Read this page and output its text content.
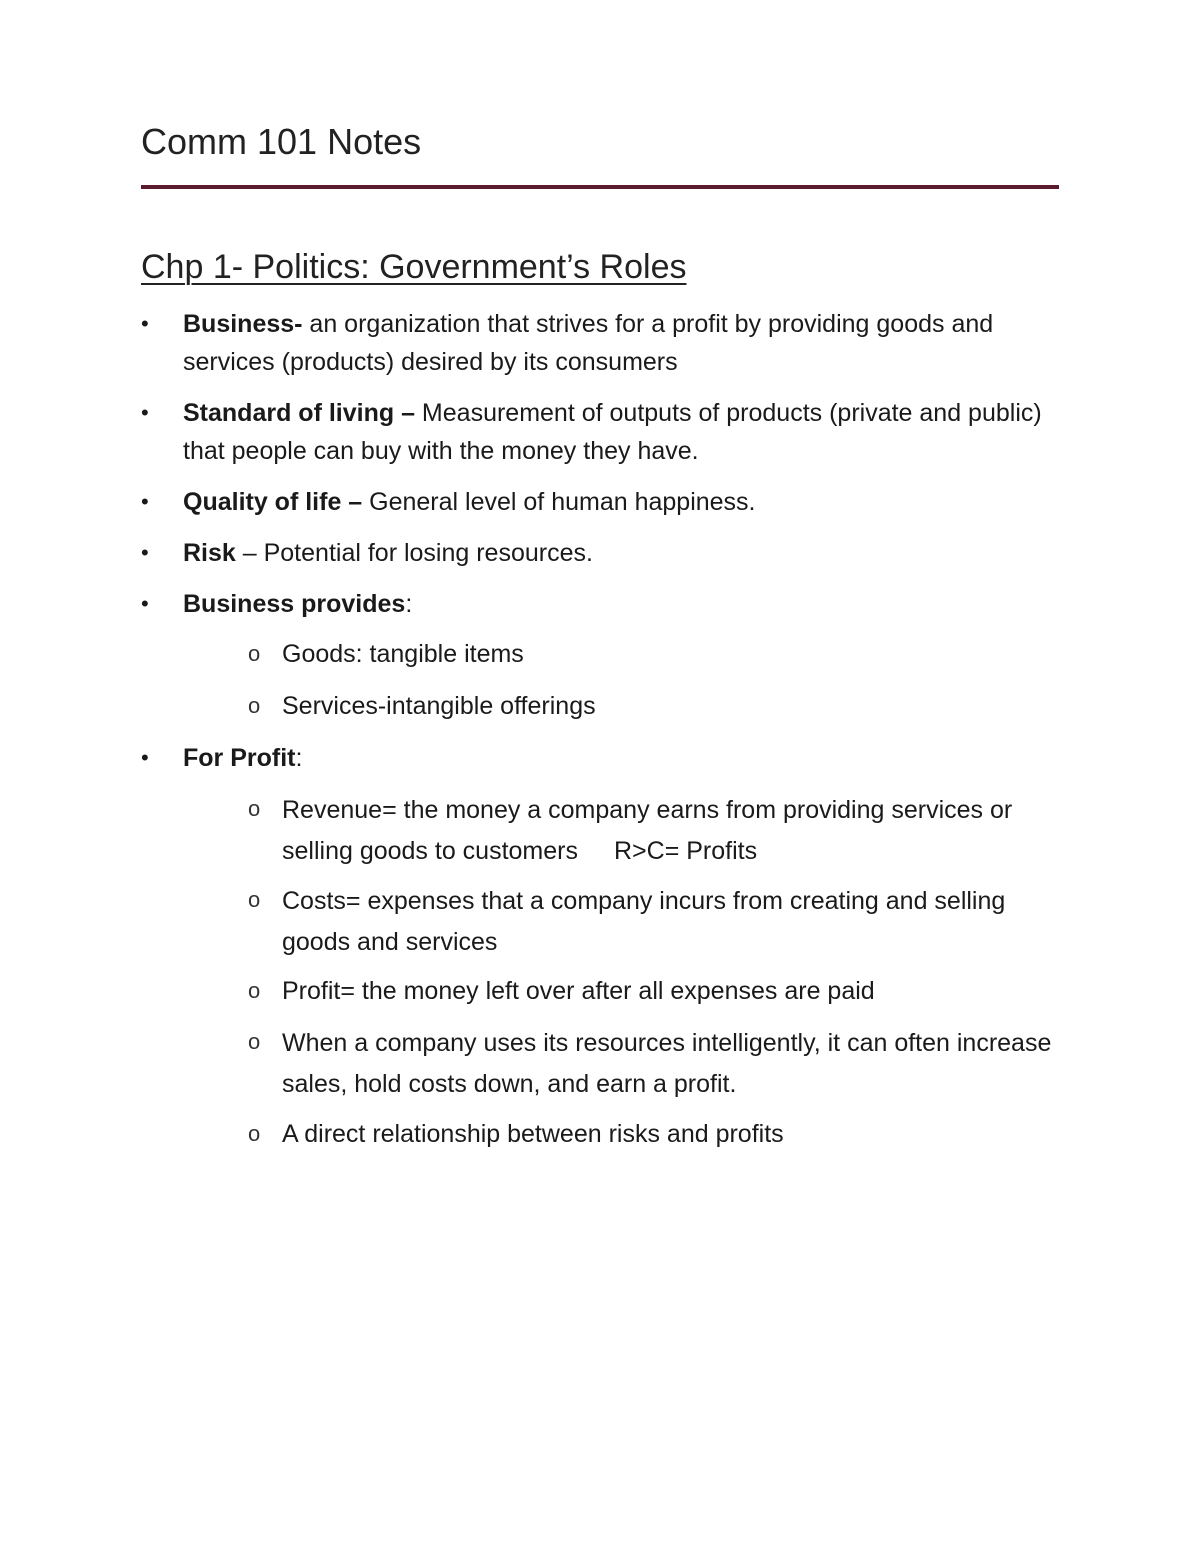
Comm 101 Notes
Chp 1- Politics: Government’s Roles
•	Business- an organization that strives for a profit by providing goods and services (products) desired by its consumers
•	Standard of living – Measurement of outputs of products (private and public) that people can buy with the money they have.
•	Quality of life – General level of human happiness.
•	Risk – Potential for losing resources.
•	Business provides:
o Goods: tangible items
o Services-intangible offerings
•	For Profit:
o Revenue= the money a company earns from providing services or selling goods to customers R>C= Profits
o Costs= expenses that a company incurs from creating and selling goods and services
o Profit= the money left over after all expenses are paid
o When a company uses its resources intelligently, it can often increase sales, hold costs down, and earn a profit.
o A direct relationship between risks and profits
